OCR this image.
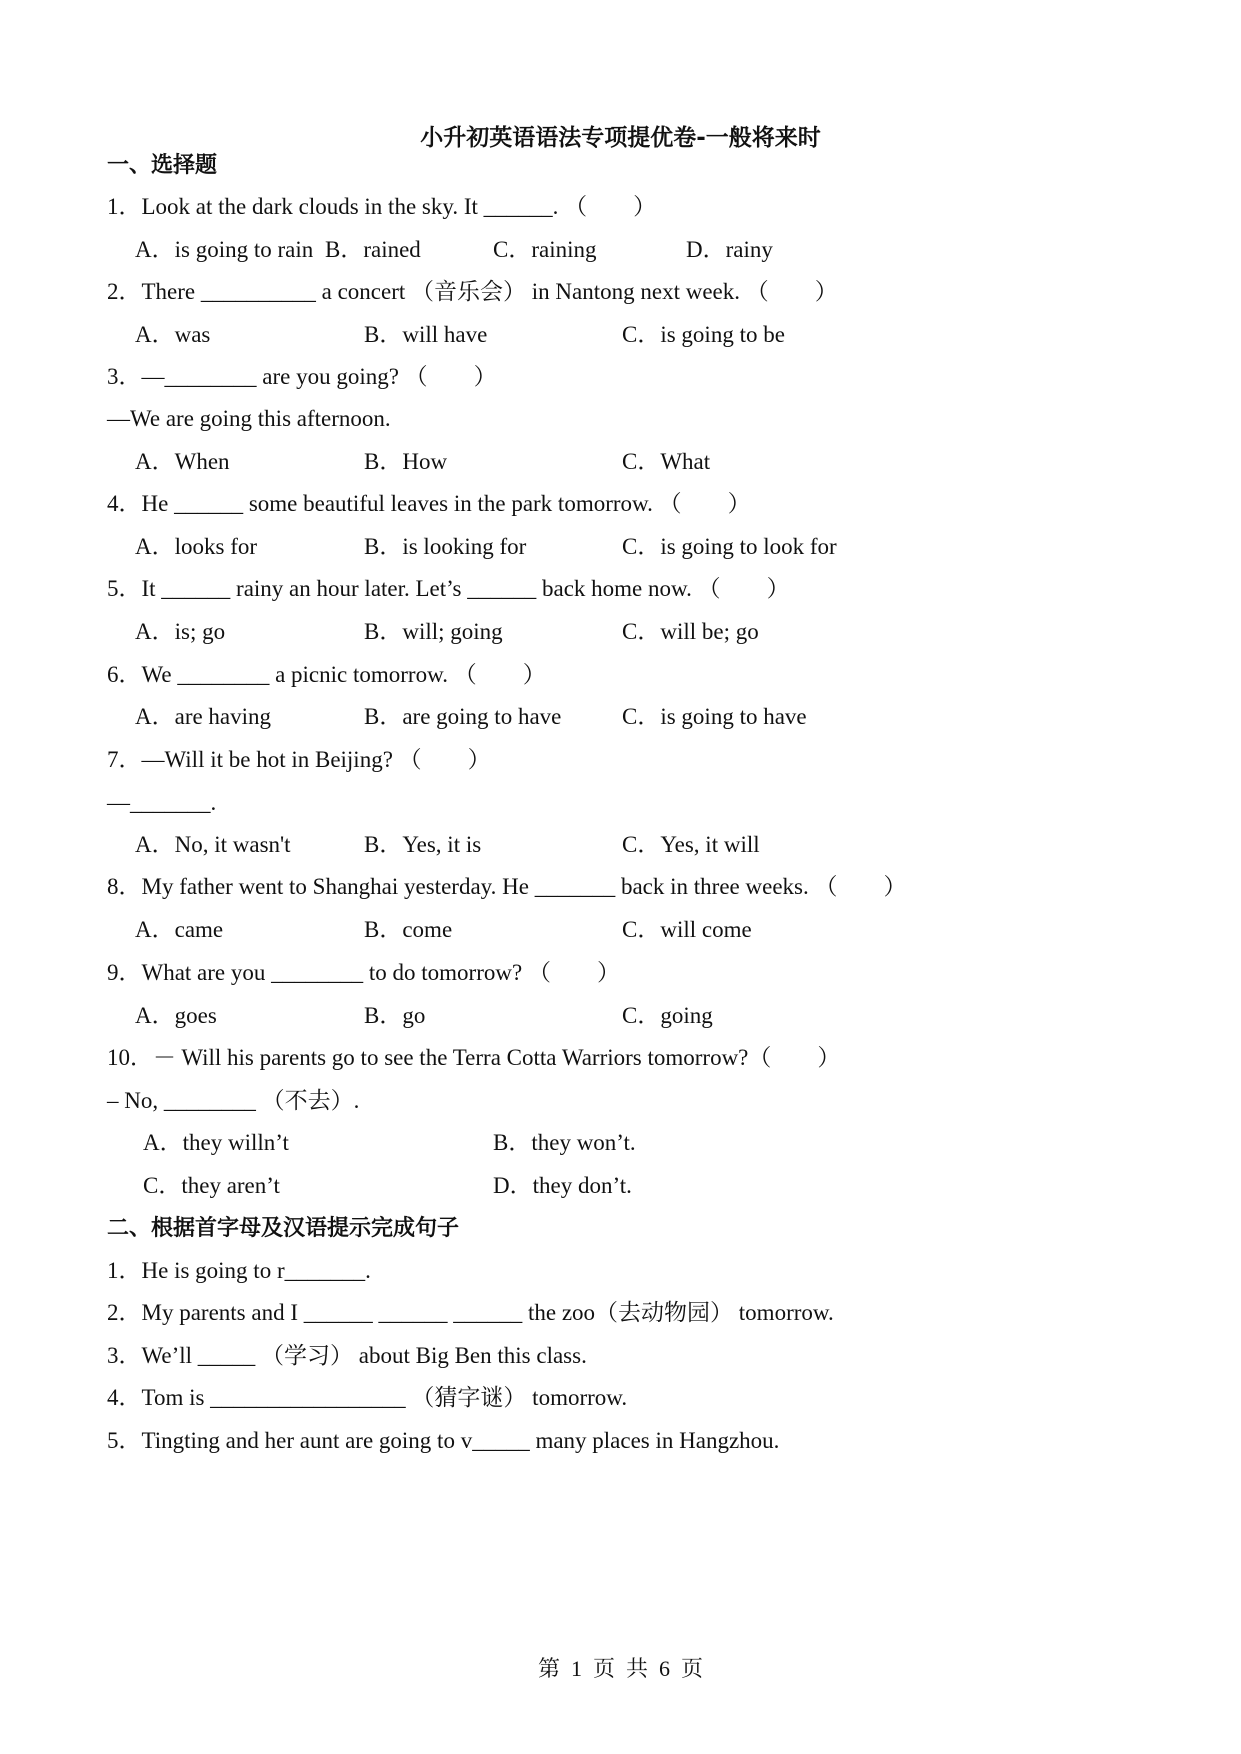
小升初英语语法专项提优卷-一般将来时
一、选择题
1．Look at the dark clouds in the sky. It ______. （　　）
A．is going to rain B．rained	C．raining	D．rainy
2．There __________ a concert （音乐会） in Nantong next week. （　　）
A．was	B．will have	C．is going to be
3．—________ are you going? （　　）
—We are going this afternoon.
A．When	B．How	C．What
4．He ______ some beautiful leaves in the park tomorrow. （　　）
A．looks for	B．is looking for	C．is going to look for
5．It ______ rainy an hour later. Let’s ______ back home now. （　　）
A．is; go	B．will; going	C．will be; go
6．We ________ a picnic tomorrow. （　　）
A．are having	B．are going to have	C．is going to have
7．—Will it be hot in Beijing? （　　）
—_______.
A．No, it wasn't	B．Yes, it is	C．Yes, it will
8．My father went to Shanghai yesterday. He _______ back in three weeks. （　　）
A．came	B．come	C．will come
9．What are you ________ to do tomorrow? （　　）
A．goes	B．go	C．going
10．－ Will his parents go to see the Terra Cotta Warriors tomorrow?（　　）
– No, ________ （不去）.
A．they willn’t	B．they won’t.
C．they aren’t	D．they don’t.
二、根据首字母及汉语提示完成句子
1．He is going to r_______.
2．My parents and I ______ ______ ______ the zoo（去动物园） tomorrow.
3．We’ll _____ （学习） about Big Ben this class.
4．Tom is _________________ （猜字谜） tomorrow.
5．Tingting and her aunt are going to v_____ many places in Hangzhou.
第  1  页  共  6  页
